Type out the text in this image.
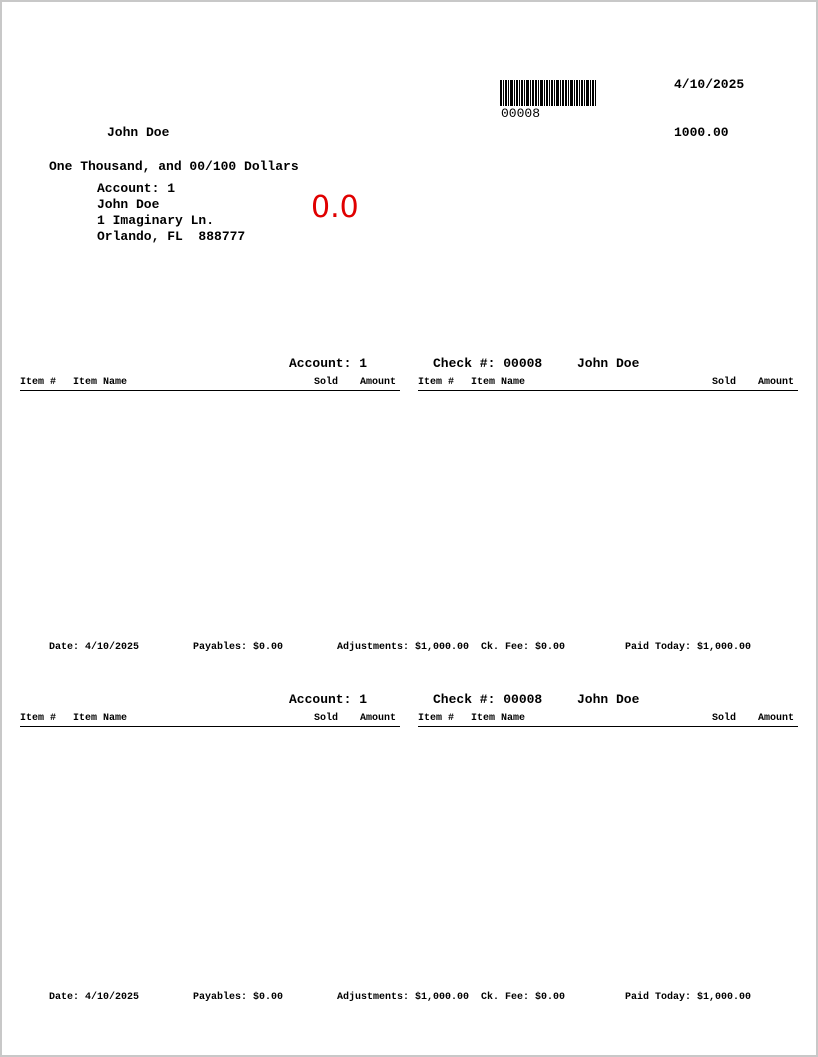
00008
4/10/2025
John Doe	1000.00
One Thousand, and 00/100 Dollars
Account: 1
John Doe
1 Imaginary Ln.
Orlando, FL  888777
0.0
Account: 1	Check #: 00008	John Doe
Item # Item Name	Sold Amount Item # Item Name	Sold Amount
Date: 4/10/2025	Payables: $0.00	Adjustments: $1,000.00 Ck. Fee: $0.00	Paid Today: $1,000.00
Account: 1	Check #: 00008	John Doe
Item # Item Name	Sold Amount Item # Item Name	Sold Amount
Date: 4/10/2025	Payables: $0.00	Adjustments: $1,000.00 Ck. Fee: $0.00	Paid Today: $1,000.00
